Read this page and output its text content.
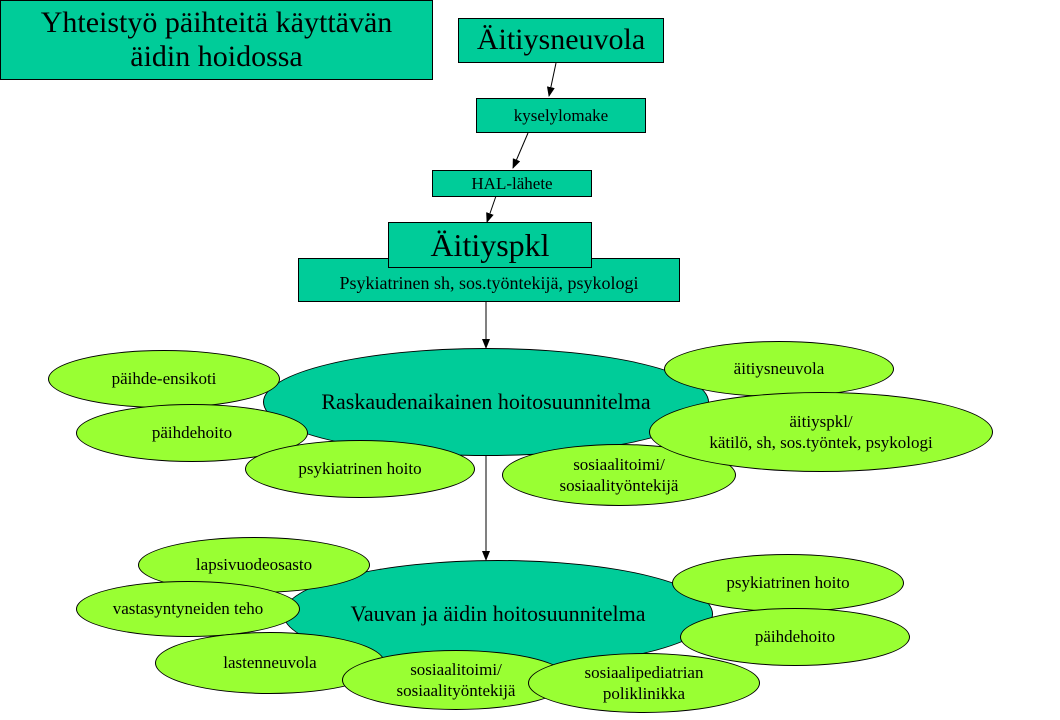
Yhteistyö päihteitä käyttävän
äidin hoidossa
Äitiysneuvola
kyselylomake
HAL-lähete
Psykiatrinen sh, sos.työntekijä, psykologi
Äitiyspkl
Raskaudenaikainen hoitosuunnitelma
päihde-ensikoti
päihdehoito
psykiatrinen hoito	sosiaalitoimi/
sosiaalityöntekijä
äitiysneuvola
äitiyspkl/
kätilö, sh, sos.työntek, psykologi
Vauvan ja äidin hoitosuunnitelma
lapsivuodeosasto
vastasyntyneiden teho
lastenneuvola	sosiaalitoimi/
sosiaalityöntekijä
sosiaalipediatrian
poliklinikka
psykiatrinen hoito
päihdehoito
